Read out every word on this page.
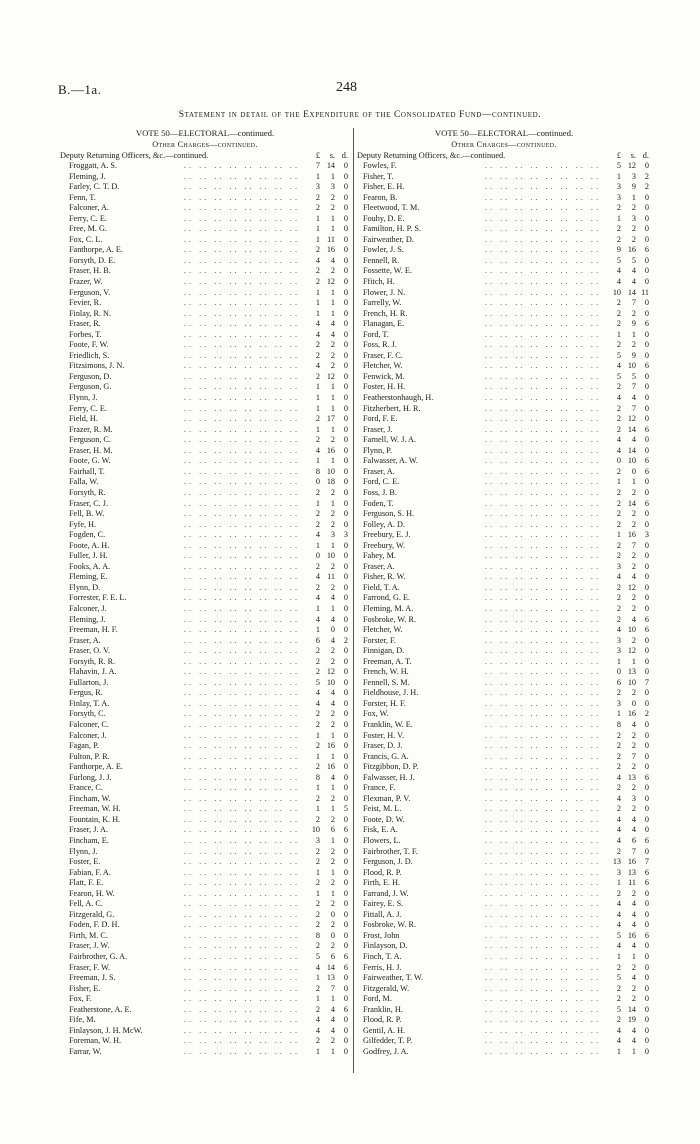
B.—1a.	248
Statement in detail of the Expenditure of the Consolidated Fund—continued.
VOTE 50—ELECTORAL—continued.
Other Charges—continued.
Deputy Returning Officers, &c.—continued.	£	s. d.
Froggatt, A. S.	.. .. .. .. .. .. .. ..	7 14	0
Fleming, J.	.. .. .. .. .. .. .. ..	1	1	0
Farley, C. T. D.	.. .. .. .. .. .. .. ..	3	3	0
Fenn, T.	.. .. .. .. .. .. .. ..	2	2	0
Falconer, A.	.. .. .. .. .. .. .. ..	2	2	0
Ferry, C. E.	.. .. .. .. .. .. .. ..	1	1	0
Free, M. G.	.. .. .. .. .. .. .. ..	1	1	0
Fox, C. L.	.. .. .. .. .. .. .. ..	1 11	0
Fanthorpe, A. E.	.. .. .. .. .. .. .. ..	2 16	0
Forsyth, D. E.	.. .. .. .. .. .. .. ..	4	4	0
Fraser, H. B.	.. .. .. .. .. .. .. ..	2	2	0
Frazer, W.	.. .. .. .. .. .. .. ..	2 12	0
Ferguson, V.	.. .. .. .. .. .. .. ..	1	1	0
Fevier, R.	.. .. .. .. .. .. .. ..	1	1	0
Finlay, R. N.	.. .. .. .. .. .. .. ..	1	1	0
Fraser, R.	.. .. .. .. .. .. .. ..	4	4	0
Forbes, T.	.. .. .. .. .. .. .. ..	4	4	0
Foote, F. W.	.. .. .. .. .. .. .. ..	2	2	0
Friedlich, S.	.. .. .. .. .. .. .. ..	2	2	0
Fitzsimons, J. N.	.. .. .. .. .. .. .. ..	4	2	0
Ferguson, D.	.. .. .. .. .. .. .. ..	2 12	0
Ferguson, G.	.. .. .. .. .. .. .. ..	1	1	0
Flynn, J.	.. .. .. .. .. .. .. ..	1	1	0
Ferry, C. E.	.. .. .. .. .. .. .. ..	1	1	0
Field, H.	.. .. .. .. .. .. .. ..	2 17	0
Frazer, R. M.	.. .. .. .. .. .. .. ..	1	1	0
Ferguson, C.	.. .. .. .. .. .. .. ..	2	2	0
Fraser, H. M.	.. .. .. .. .. .. .. ..	4 16	0
Foote, G. W.	.. .. .. .. .. .. .. ..	1	1	0
Fairhall, T.	.. .. .. .. .. .. .. ..	8 10	0
Falla, W.	.. .. .. .. .. .. .. ..	0 18	0
Forsyth, R.	.. .. .. .. .. .. .. ..	2	2	0
Fraser, C. J.	.. .. .. .. .. .. .. ..	1	1	0
Fell, B. W.	.. .. .. .. .. .. .. ..	2	2	0
Fyfe, H.	.. .. .. .. .. .. .. ..	2	2	0
Fogden, C.	.. .. .. .. .. .. .. ..	4	3	3
Foote, A. H.	.. .. .. .. .. .. .. ..	1	1	0
Fuller, J. H.	.. .. .. .. .. .. .. ..	0 10	0
Fooks, A. A.	.. .. .. .. .. .. .. ..	2	2	0
Fleming, E.	.. .. .. .. .. .. .. ..	4 11	0
Flynn, D.	.. .. .. .. .. .. .. ..	2	2	0
Forrester, F. E. L.	.. .. .. .. .. .. .. ..	4	4	0
Falconer, J.	.. .. .. .. .. .. .. ..	1	1	0
Fleming, J.	.. .. .. .. .. .. .. ..	4	4	0
Freeman, H. F.	.. .. .. .. .. .. .. ..	1	0	0
Fraser, A.	.. .. .. .. .. .. .. ..	6	4	2
Fraser, O. V.	.. .. .. .. .. .. .. ..	2	2	0
Forsyth, R. R.	.. .. .. .. .. .. .. ..	2	2	0
Flahavin, J. A.	.. .. .. .. .. .. .. ..	2 12	0
Fullarton, J.	.. .. .. .. .. .. .. ..	5 10	0
Fergus, R.	.. .. .. .. .. .. .. ..	4	4	0
Finlay, T. A.	.. .. .. .. .. .. .. ..	4	4	0
Forsyth, C.	.. .. .. .. .. .. .. ..	2	2	0
Falconer, C.	.. .. .. .. .. .. .. ..	2	2	0
Falconer, J.	.. .. .. .. .. .. .. ..	1	1	0
Fagan, P.	.. .. .. .. .. .. .. ..	2 16	0
Fulton, P. R.	.. .. .. .. .. .. .. ..	1	1	0
Fanthorpe, A. E.	.. .. .. .. .. .. .. ..	2 16	0
Furlong, J. J.	.. .. .. .. .. .. .. ..	8	4	0
France, C.	.. .. .. .. .. .. .. ..	1	1	0
Fincham, W.	.. .. .. .. .. .. .. ..	2	2	0
Freeman, W. H.	.. .. .. .. .. .. .. ..	1	1	5
Fountain, K. H.	.. .. .. .. .. .. .. ..	2	2	0
Fraser, J. A.	.. .. .. .. .. .. .. ..	10	6	6
Fincham, E.	.. .. .. .. .. .. .. ..	3	1	0
Flynn, J.	.. .. .. .. .. .. .. ..	2	2	0
Foster, E.	.. .. .. .. .. .. .. ..	2	2	0
Fabian, F. A.	.. .. .. .. .. .. .. ..	1	1	0
Flatt, F. E.	.. .. .. .. .. .. .. ..	2	2	0
Fearon, H. W.	.. .. .. .. .. .. .. ..	1	1	0
Fell, A. C.	.. .. .. .. .. .. .. ..	2	2	0
Fitzgerald, G.	.. .. .. .. .. .. .. ..	2	0	0
Foden, F. D. H.	.. .. .. .. .. .. .. ..	2	2	0
Firth, M. C.	.. .. .. .. .. .. .. ..	8	0	0
Fraser, J. W.	.. .. .. .. .. .. .. ..	2	2	0
Fairbrother, G. A.	.. .. .. .. .. .. .. ..	5	6	6
Fraser, F. W.	.. .. .. .. .. .. .. ..	4 14	6
Freeman, J. S.	.. .. .. .. .. .. .. ..	1 13	0
Fisher, E.	.. .. .. .. .. .. .. ..	2	7	0
Fox, F.	.. .. .. .. .. .. .. ..	1	1	0
Featherstone, A. E.	.. .. .. .. .. .. .. ..	2	4	6
Fife, M.	.. .. .. .. .. .. .. ..	4	4	0
Finlayson, J. H. McW.	.. .. .. .. .. .. .. ..	4	4	0
Foreman, W. H.	.. .. .. .. .. .. .. ..	2	2	0
Farrar, W.	.. .. .. .. .. .. .. ..	1	1	0
VOTE 50—ELECTORAL—continued.
Other Charges—continued.
Deputy Returning Officers, &c.—continued.	£	s. d.
Fowles, F.	.. .. .. .. .. .. .. ..	5 12	0
Fisher, T.	.. .. .. .. .. .. .. ..	1	3	2
Fisher, E. H.	.. .. .. .. .. .. .. ..	3	9	2
Fearon, B.	.. .. .. .. .. .. .. ..	3	1	0
Fleetwood, T. M.	.. .. .. .. .. .. .. ..	2	2	0
Fouhy, D. E.	.. .. .. .. .. .. .. ..	1	3	0
Familton, H. P. S.	.. .. .. .. .. .. .. ..	2	2	0
Fairweather, D.	.. .. .. .. .. .. .. ..	2	2	0
Fowler, J. S.	.. .. .. .. .. .. .. ..	9 16	6
Fennell, R.	.. .. .. .. .. .. .. ..	5	5	0
Fossette, W. E.	.. .. .. .. .. .. .. ..	4	4	0
Ffitch, H.	.. .. .. .. .. .. .. ..	4	4	0
Flower, J. N.	.. .. .. .. .. .. .. ..	10 14 11
Farrelly, W.	.. .. .. .. .. .. .. ..	2	7	0
French, H. R.	.. .. .. .. .. .. .. ..	2	2	0
Flanagan, E.	.. .. .. .. .. .. .. ..	2	9	6
Ford, T.	.. .. .. .. .. .. .. ..	1	1	0
Foss, R. J.	.. .. .. .. .. .. .. ..	2	2	0
Fraser, F. C.	.. .. .. .. .. .. .. ..	5	9	0
Fletcher, W.	.. .. .. .. .. .. .. ..	4 10	6
Fenwick, M.	.. .. .. .. .. .. .. ..	5	5	0
Foster, H. H.	.. .. .. .. .. .. .. ..	2	7	0
Featherstonhaugh, H.	.. .. .. .. .. .. .. ..	4	4	0
Fitzherbert, H. R.	.. .. .. .. .. .. .. ..	2	7	0
Ford, F. E.	.. .. .. .. .. .. .. ..	2 12	0
Fraser, J.	.. .. .. .. .. .. .. ..	2 14	6
Farnell, W. J. A.	.. .. .. .. .. .. .. ..	4	4	0
Flynn, P.	.. .. .. .. .. .. .. ..	4 14	0
Falwasser, A. W.	.. .. .. .. .. .. .. ..	0 10	6
Fraser, A.	.. .. .. .. .. .. .. ..	2	0	6
Ford, C. E.	.. .. .. .. .. .. .. ..	1	1	0
Foss, J. B.	.. .. .. .. .. .. .. ..	2	2	0
Foden, T.	.. .. .. .. .. .. .. ..	2 14	6
Ferguson, S. H.	.. .. .. .. .. .. .. ..	2	2	0
Folley, A. D.	.. .. .. .. .. .. .. ..	2	2	0
Freebury, E. J.	.. .. .. .. .. .. .. ..	1 16	3
Freebury, W.	.. .. .. .. .. .. .. ..	2	7	0
Fahey, M.	.. .. .. .. .. .. .. ..	2	2	0
Fraser, A.	.. .. .. .. .. .. .. ..	3	2	0
Fisher, R. W.	.. .. .. .. .. .. .. ..	4	4	0
Field, T. A.	.. .. .. .. .. .. .. ..	2 12	0
Farrond, G. E.	.. .. .. .. .. .. .. ..	2	2	0
Fleming, M. A.	.. .. .. .. .. .. .. ..	2	2	0
Fosbroke, W. R.	.. .. .. .. .. .. .. ..	2	4	6
Fletcher, W.	.. .. .. .. .. .. .. ..	4 10	6
Forster, F.	.. .. .. .. .. .. .. ..	3	2	0
Finnigan, D.	.. .. .. .. .. .. .. ..	3 12	0
Freeman, A. T.	.. .. .. .. .. .. .. ..	1	1	0
French, W. H.	.. .. .. .. .. .. .. ..	0 13	0
Fennell, S. M.	.. .. .. .. .. .. .. ..	6 10	7
Fieldhouse, J. H.	.. .. .. .. .. .. .. ..	2	2	0
Forster, H. F.	.. .. .. .. .. .. .. ..	3	0	0
Fox, W.	.. .. .. .. .. .. .. ..	1 16	2
Franklin, W. E.	.. .. .. .. .. .. .. ..	8	4	0
Foster, H. V.	.. .. .. .. .. .. .. ..	2	2	0
Fraser, D. J.	.. .. .. .. .. .. .. ..	2	2	0
Francis, G. A.	.. .. .. .. .. .. .. ..	2	7	0
Fitzgibbon, D. P.	.. .. .. .. .. .. .. ..	2	2	0
Falwasser, H. J.	.. .. .. .. .. .. .. ..	4 13	6
France, F.	.. .. .. .. .. .. .. ..	2	2	0
Flexman, P. V.	.. .. .. .. .. .. .. ..	4	3	0
Feist, M. L.	.. .. .. .. .. .. .. ..	2	2	0
Foote, D. W.	.. .. .. .. .. .. .. ..	4	4	0
Fisk, E. A.	.. .. .. .. .. .. .. ..	4	4	0
Flowers, L.	.. .. .. .. .. .. .. ..	4	6	6
Fairbrother, T. F.	.. .. .. .. .. .. .. ..	2	7	0
Ferguson, J. D.	.. .. .. .. .. .. .. ..	13 16	7
Flood, R. P.	.. .. .. .. .. .. .. ..	3 13	6
Firth, E. H.	.. .. .. .. .. .. .. ..	1 11	6
Farrand, J. W.	.. .. .. .. .. .. .. ..	2	2	0
Fairey, E. S.	.. .. .. .. .. .. .. ..	4	4	0
Fittall, A. J.	.. .. .. .. .. .. .. ..	4	4	0
Fosbroke, W. R.	.. .. .. .. .. .. .. ..	4	4	0
Frost, John	.. .. .. .. .. .. .. ..	5 16	6
Finlayson, D.	.. .. .. .. .. .. .. ..	4	4	0
Finch, T. A.	.. .. .. .. .. .. .. ..	1	1	0
Ferris, H. J.	.. .. .. .. .. .. .. ..	2	2	0
Fairweather, T. W.	.. .. .. .. .. .. .. ..	5	4	0
Fitzgerald, W.	.. .. .. .. .. .. .. ..	2	2	0
Ford, M.	.. .. .. .. .. .. .. ..	2	2	0
Franklin, H.	.. .. .. .. .. .. .. ..	5 14	0
Flood, R. P.	.. .. .. .. .. .. .. ..	2 19	0
Gentil, A. H.	.. .. .. .. .. .. .. ..	4	4	0
Gilfedder, T. P.	.. .. .. .. .. .. .. ..	4	4	0
Godfrey, J. A.	.. .. .. .. .. .. .. ..	1	1	0
